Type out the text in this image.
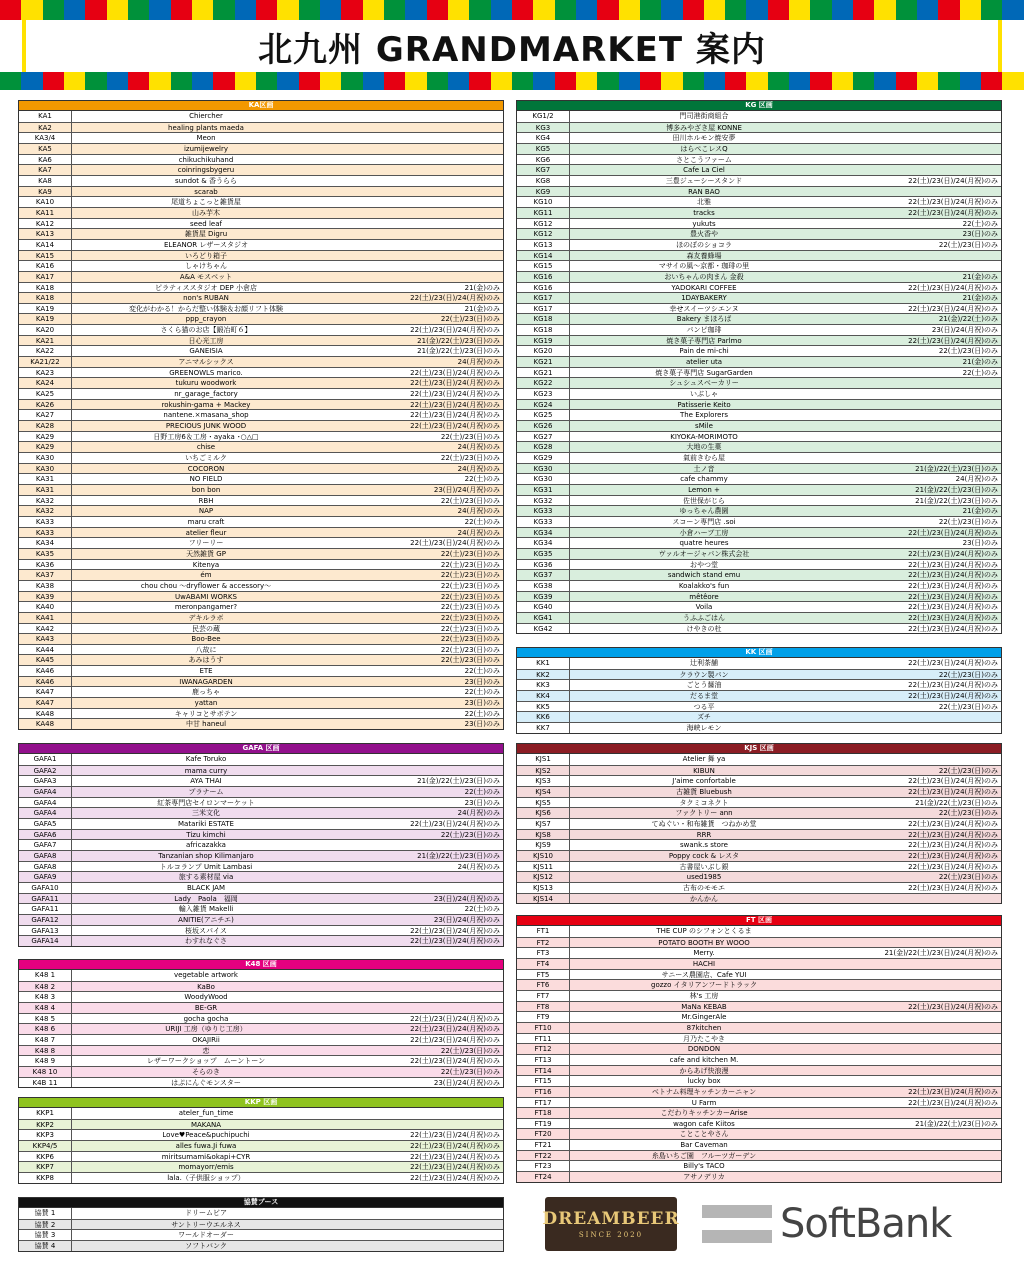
北九州 GRANDMARKET 案内
KA区画
KA1	Chiercher
KA2	healing plants maeda
KA3/4	Meon
KA5	izumijewelry
KA6	chikuchikuhand
KA7	coinringsbygeru
KA8	sundot & 香うらら
KA9	scarab
KA10	尾道ちょこっと雑貨屋
KA11	山み芋木
KA12	seed leaf
KA13	雑貨屋 Digru
KA14	ELEANOR レザースタジオ
KA15	いろどり箱子
KA16	しゃけちゃん
KA17	A&A モスベット
KA18	ピラティススタジオ DEP 小倉店	21(金)のみ
KA18	non's RUBAN	22(土)/23(日)/24(月祝)のみ
KA19	変化がわかる！からだ整い体験＆お顔リフト体験	21(金)のみ
KA19	ppp_crayon	22(土)/23(日)のみ
KA20	さくら猫のお店【鍛冶町６】	22(土)/23(日)/24(月祝)のみ
KA21	日心光工房	21(金)/22(土)/23(日)のみ
KA22	GANEISIA	21(金)/22(土)/23(日)のみ
KA21/22	アニマルシックス	24(月祝)のみ
KA23	GREENOWLS marico.	22(土)/23(日)/24(月祝)のみ
KA24	tukuru woodwork	22(土)/23(日)/24(月祝)のみ
KA25	nr_garage_factory	22(土)/23(日)/24(月祝)のみ
KA26	rokushin-gama + Mackey	22(土)/23(日)/24(月祝)のみ
KA27	nantene.×masana_shop	22(土)/23(日)/24(月祝)のみ
KA28	PRECIOUS JUNK WOOD	22(土)/23(日)/24(月祝)のみ
KA29	日野工房6＆工房・ayaka ･○△□	22(土)/23(日)のみ
KA29	chise	24(月祝)のみ
KA30	いちごミルク	22(土)/23(日)のみ
KA30	COCORON	24(月祝)のみ
KA31	NO FIELD	22(土)のみ
KA31	bon bon	23(日)/24(月祝)のみ
KA32	RBH	22(土)/23(日)のみ
KA32	NAP	24(月祝)のみ
KA33	maru craft	22(土)のみ
KA33	atelier fleur	24(月祝)のみ
KA34	フリーリー	22(土)/23(日)/24(月祝)のみ
KA35	天然雑貨 GP	22(土)/23(日)のみ
KA36	Kitenya	22(土)/23(日)のみ
KA37	ém	22(土)/23(日)のみ
KA38	chou chou ～dryflower & accessory～	22(土)/23(日)のみ
KA39	UwABAMI WORKS	22(土)/23(日)のみ
KA40	meronpangamer?	22(土)/23(日)のみ
KA41	デキルラボ	22(土)/23(日)のみ
KA42	民芸の蔵	22(土)/23(日)のみ
KA43	Boo-Bee	22(土)/23(日)のみ
KA44	八故に	22(土)/23(日)のみ
KA45	あみはうす	22(土)/23(日)のみ
KA46	ETE	22(土)のみ
KA46	IWANAGARDEN	23(日)のみ
KA47	鹿っちゃ	22(土)のみ
KA47	yattan	23(日)のみ
KA48	キャリコとサボテン	22(土)のみ
KA48	中甘 haneul	23(日)のみ
KG 区画
KG1/2	門司港街商組合
KG3	博多みやざき屋 KONNE
KG4	田川ホルモン焼安夢
KG5	はらぺこレスQ
KG6	さとこうファーム
KG7	Cafe La Ciel
KG8	三豊ジューシースタンド	22(土)/23(日)/24(月祝)のみ
KG9	RAN BAO
KG10	北雅	22(土)/23(日)/24(月祝)のみ
KG11	tracks	22(土)/23(日)/24(月祝)のみ
KG12	yukuts	22(土)のみ
KG12	豊火香や	23(日)のみ
KG13	ほのぼのショコラ	22(土)/23(日)のみ
KG14	森友養蜂場
KG15	マサイの風～京都・珈琲の里
KG16	おいちゃんの肉まん 金殺	21(金)のみ
KG16	YADOKARI COFFEE	22(土)/23(日)/24(月祝)のみ
KG17	1DAYBAKERY	21(金)のみ
KG17	幸せスイーツシエンヌ	22(土)/23(日)/24(月祝)のみ
KG18	Bakery まほろば	21(金)/22(土)のみ
KG18	パンピ珈琲	23(日)/24(月祝)のみ
KG19	焼き菓子専門店 Parlmo	22(土)/23(日)/24(月祝)のみ
KG20	Pain de mi-chi	22(土)/23(日)のみ
KG21	atelier uta	21(金)のみ
KG21	焼き菓子専門店 SugarGarden	22(土)のみ
KG22	シュシュスベーカリー
KG23	いぶしゃ
KG24	Patisserie Keito
KG25	The Explorers
KG26	sMile
KG27	KIYOKA-MORIMOTO
KG28	大地の生菓
KG29	氣前きむら屋
KG30	土ノ音	21(金)/22(土)/23(日)のみ
KG30	cafe chammy	24(月祝)のみ
KG31	Lemon +	21(金)/22(土)/23(日)のみ
KG32	佐世保がじら	21(金)/22(土)/23(日)のみ
KG33	ゆっちゃん農園	21(金)のみ
KG33	スコーン専門店 .soi	22(土)/23(日)のみ
KG34	小倉ハーブ工房	22(土)/23(日)/24(月祝)のみ
KG34	quatre heures	23(日)のみ
KG35	ヴァルオージャパン株式会社	22(土)/23(日)/24(月祝)のみ
KG36	おやつ堂	22(土)/23(日)/24(月祝)のみ
KG37	sandwich stand emu	22(土)/23(日)/24(月祝)のみ
KG38	Koalakko's fun	22(土)/23(日)/24(月祝)のみ
KG39	mêtêore	22(土)/23(日)/24(月祝)のみ
KG40	Voila	22(土)/23(日)/24(月祝)のみ
KG41	うふふごはん	22(土)/23(日)/24(月祝)のみ
KG42	けやきの杜	22(土)/23(日)/24(月祝)のみ
KK 区画
KK1	辻利茶舗	22(土)/23(日)/24(月祝)のみ
KK2	クラウン製パン	22(土)/23(日)のみ
KK3	ごとう醤油	22(土)/23(日)/24(月祝)のみ
KK4	だるま堂	22(土)/23(日)/24(月祝)のみ
KK5	つる平	22(土)/23(日)のみ
KK6	ズチ
KK7	海峡レモン
GAFA 区画
GAFA1	Kafe Toruko
GAFA2	mama curry
GAFA3	AYA THAI	21(金)/22(土)/23(日)のみ
GAFA4	プラナーム	22(土)のみ
GAFA4	紅茶専門店セイロンマーケット	23(日)のみ
GAFA4	三米文化	24(月祝)のみ
GAFA5	Matariki ESTATE	22(土)/23(日)/24(月祝)のみ
GAFA6	Tizu kimchi	22(土)/23(日)のみ
GAFA7	africazakka
GAFA8	Tanzanian shop Kilimanjaro	21(金)/22(土)/23(日)のみ
GAFA8	トルコランプ Umit Lambasi	24(月祝)のみ
GAFA9	旅する素材屋 via
GAFA10	BLACK JAM
GAFA11	Lady　Paola　福岡	23(日)/24(月祝)のみ
GAFA11	輸入雑貨 Makelli	22(土)のみ
GAFA12	ANITIE(アニチエ)	23(日)/24(月祝)のみ
GAFA13	桜坂スパイス	22(土)/23(日)/24(月祝)のみ
GAFA14	わすれなぐさ	22(土)/23(日)/24(月祝)のみ
KJS 区画
KJS1	Atelier 舞 ya
KJS2	KIBUN	22(土)/23(日)のみ
KJS3	J'aime confortable	22(土)/23(日)/24(月祝)のみ
KJS4	古雑貨 Bluebush	22(土)/23(日)/24(月祝)のみ
KJS5	タクミコネクト	21(金)/22(土)/23(日)のみ
KJS6	ファクトリー ann	22(土)/23(日)のみ
KJS7	てぬぐい・和布雑貨　つねかめ堂	22(土)/23(日)/24(月祝)のみ
KJS8	RRR	22(土)/23(日)/24(月祝)のみ
KJS9	swank.s store	22(土)/23(日)/24(月祝)のみ
KJS10	Poppy cock & レスタ	22(土)/23(日)/24(月祝)のみ
KJS11	古書屋いぶし銀	22(土)/23(日)/24(月祝)のみ
KJS12	used1985	22(土)/23(日)のみ
KJS13	古布のモモエ	22(土)/23(日)/24(月祝)のみ
KJS14	かんかん
K48 区画
K48 1	vegetable artwork
K48 2	KaBo
K48 3	WoodyWood
K48 4	BE-GR
K48 5	gocha gocha	22(土)/23(日)/24(月祝)のみ
K48 6	URIJI 工房（ゆりじ工房）	22(土)/23(日)/24(月祝)のみ
K48 7	OKAJIRii	22(土)/23(日)/24(月祝)のみ
K48 8	恋	22(土)/23(日)のみ
K48 9	レザーワークショップ　ムーントーン	22(土)/23(日)/24(月祝)のみ
K48 10	そらのき	22(土)/23(日)のみ
K4B 11	はぷにんぐモンスター	23(日)/24(月祝)のみ
FT 区画
FT1	THE CUP のシフォンとくるま
FT2	POTATO BOOTH BY WOOO
FT3	Merry.	21(金)/22(土)/23(日)/24(月祝)のみ
FT4	HACHI
FT5	サニース農園店、Cafe YUI
FT6	gozzo イタリアンフードトラック
FT7	林's 工房
FT8	MaNa KEBAB	22(土)/23(日)/24(月祝)のみ
FT9	Mr.GingerAle
FT10	87kitchen
FT11	月乃たこやき
FT12	DONDON
FT13	cafe and kitchen M.
FT14	からあげ快浪漫
FT15	lucky box
FT16	ベトナム料理キッチンカーニャン	22(土)/23(日)/24(月祝)のみ
FT17	U Farm	22(土)/23(日)/24(月祝)のみ
FT18	こだわりキッチンカーArise
FT19	wagon cafe Kiitos	21(金)/22(土)/23(日)のみ
FT20	ことことやさん
FT21	Bar Caveman
FT22	糸島いちご園　フルーツガーデン
FT23	Billy's TACO
FT24	アサノデリカ
KKP 区画
KKP1	ateler_fun_time
KKP2	MAKANA
KKP3	Love♥Peace&puchipuchi	22(土)/23(日)/24(月祝)のみ
KKP4/5	alles fuwa.Ji fuwa	22(土)/23(日)/24(月祝)のみ
KKP6	miritsumami&okapi+CYR	22(土)/23(日)/24(月祝)のみ
KKP7	momayorr/emis	22(土)/23(日)/24(月祝)のみ
KKP8	lala.（子供服ショップ）	22(土)/23(日)/24(月祝)のみ
協賛ブース
協賛 1	ドリームビア
協賛 2	サントリーウエルネス
協賛 3	ワールドオーダー
協賛 4	ソフトバンク
DREAMBEER
SINCE 2020	SoftBank
